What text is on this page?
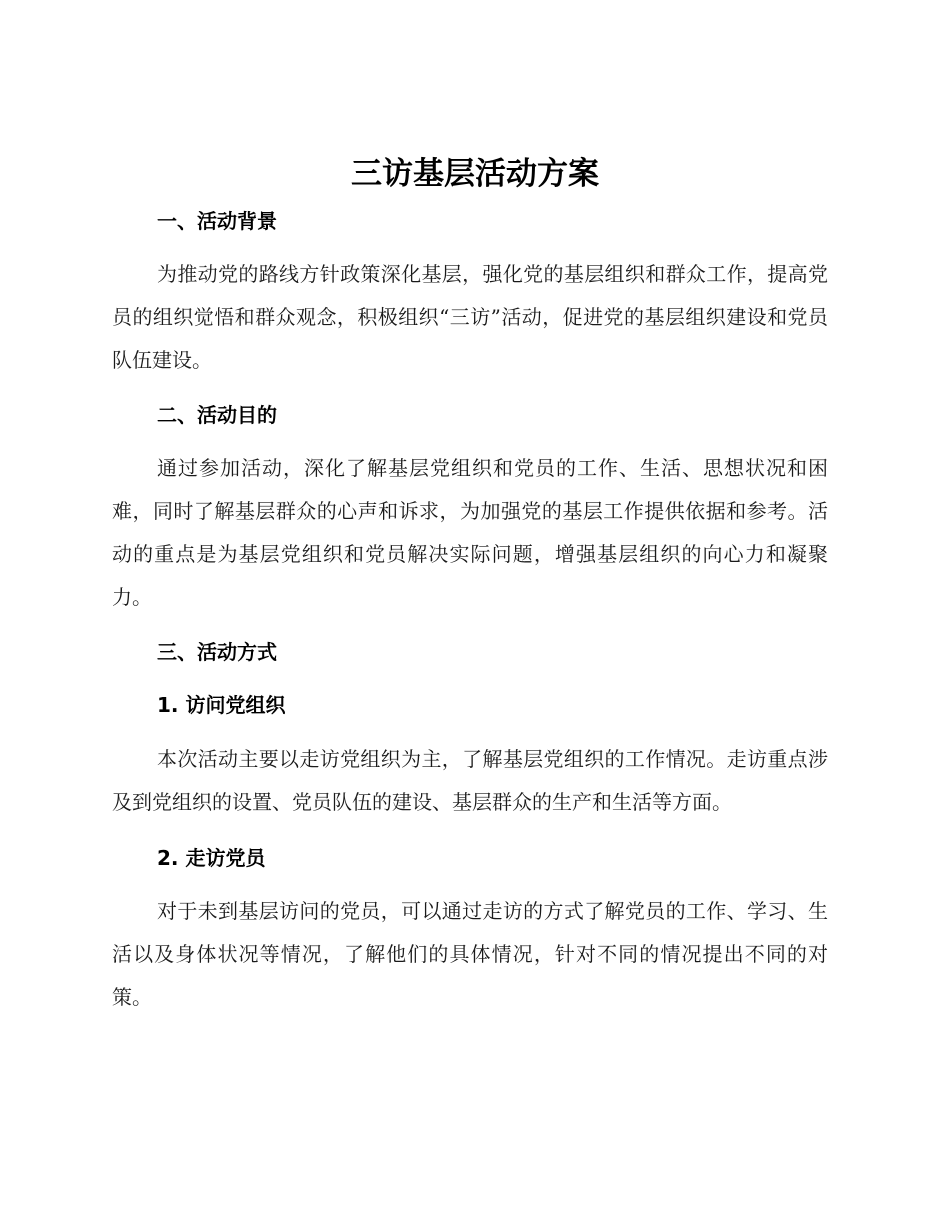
三访基层活动方案
一、活动背景

为推动党的路线方针政策深化基层，强化党的基层组织和群众工作，提高党员的组织觉悟和群众观念，积极组织“三访”活动，促进党的基层组织建设和党员队伍建设。

二、活动目的

通过参加活动，深化了解基层党组织和党员的工作、生活、思想状况和困难，同时了解基层群众的心声和诉求，为加强党的基层工作提供依据和参考。活动的重点是为基层党组织和党员解决实际问题，增强基层组织的向心力和凝聚力。

三、活动方式
1. 访问党组织

本次活动主要以走访党组织为主，了解基层党组织的工作情况。走访重点涉及到党组织的设置、党员队伍的建设、基层群众的生产和生活等方面。

2. 走访党员

对于未到基层访问的党员，可以通过走访的方式了解党员的工作、学习、生活以及身体状况等情况，了解他们的具体情况，针对不同的情况提出不同的对策。
